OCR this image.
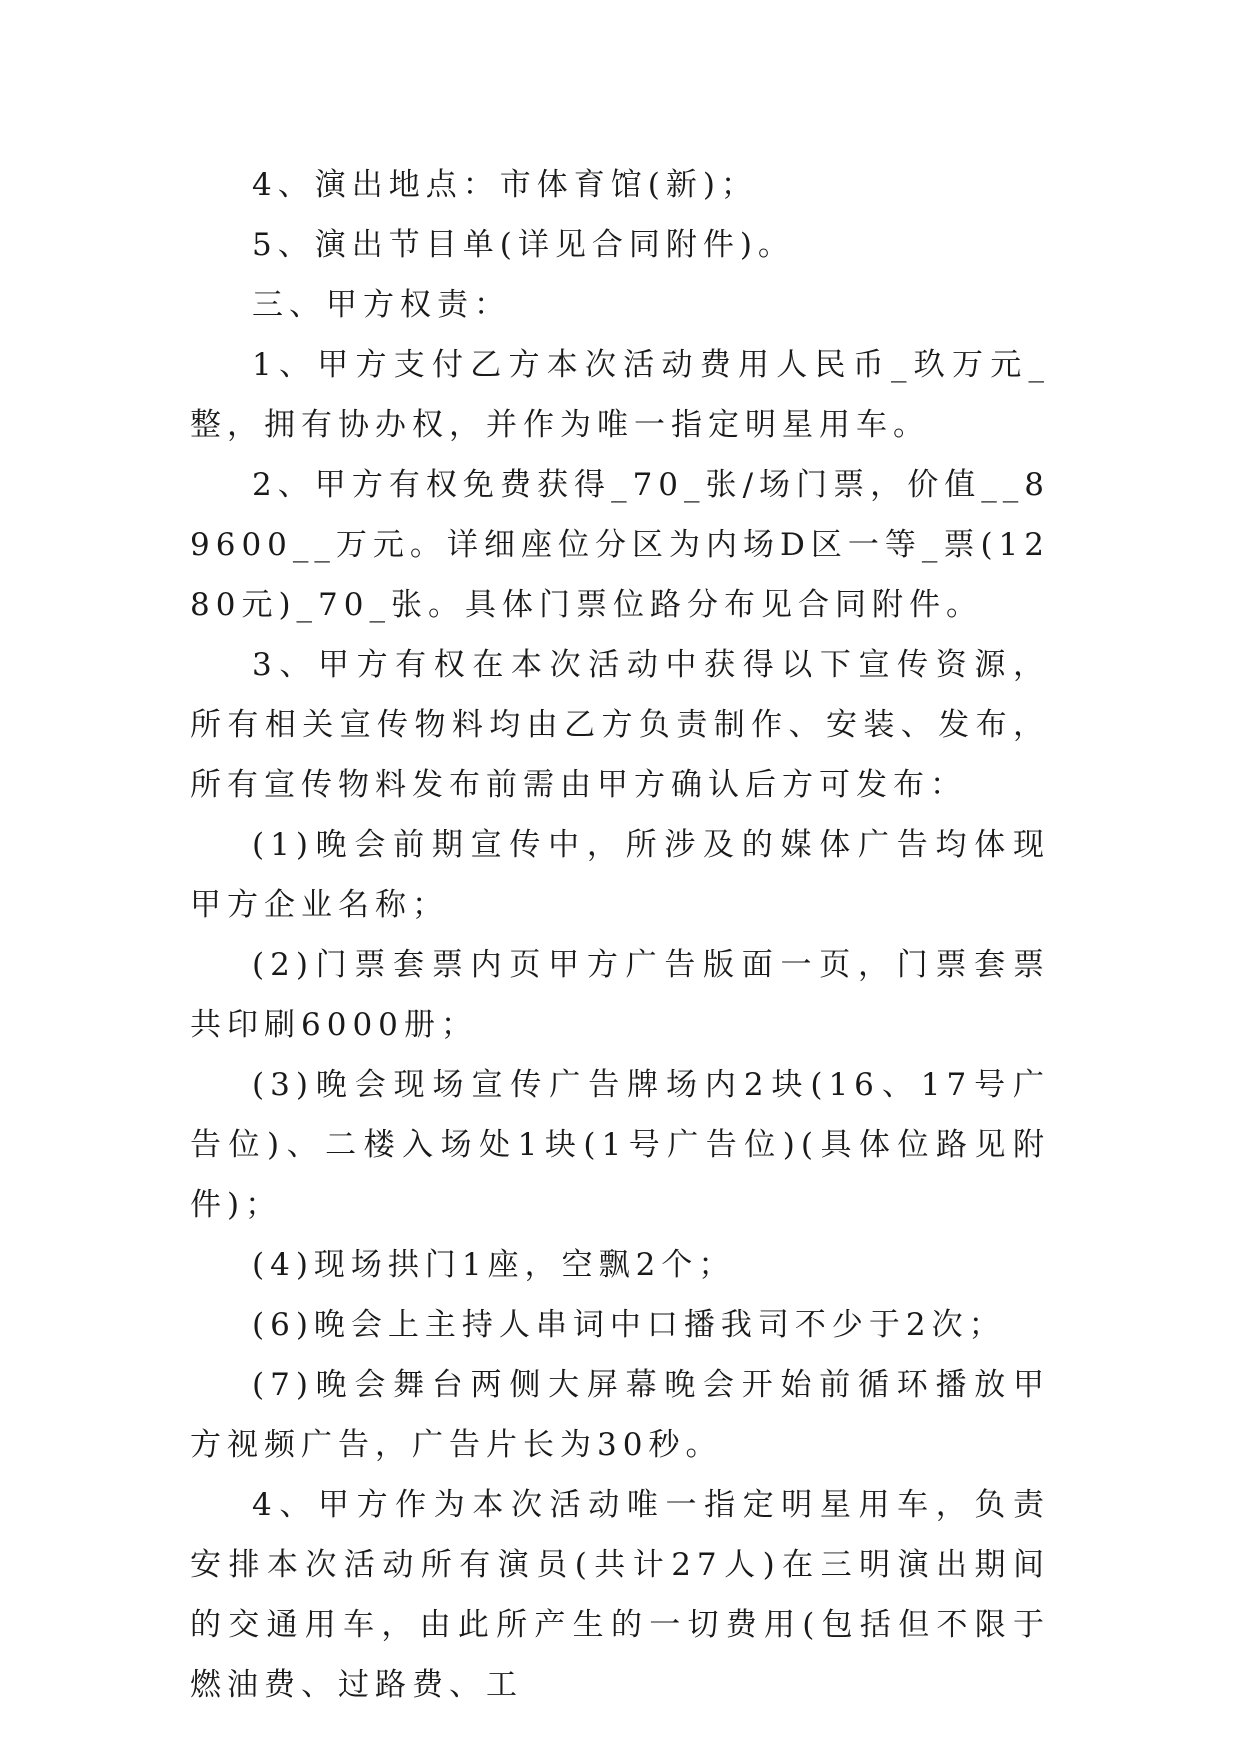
4、演出地点：市体育馆(新)；

5、演出节目单(详见合同附件)。

三、甲方权责：

1、甲方支付乙方本次活动费用人民币_玖万元_整，拥有协办权，并作为唯一指定明星用车。

2、甲方有权免费获得_70_张/场门票，价值__89600__万元。详细座位分区为内场D区一等_票(1280元)_70_张。具体门票位路分布见合同附件。

3、甲方有权在本次活动中获得以下宣传资源，所有相关宣传物料均由乙方负责制作、安装、发布，所有宣传物料发布前需由甲方确认后方可发布：

(1)晚会前期宣传中，所涉及的媒体广告均体现甲方企业名称；

(2)门票套票内页甲方广告版面一页，门票套票共印刷6000册；

(3)晚会现场宣传广告牌场内2块(16、17号广告位)、二楼入场处1块(1号广告位)(具体位路见附件)；

(4)现场拱门1座，空飘2个；

(6)晚会上主持人串词中口播我司不少于2次；

(7)晚会舞台两侧大屏幕晚会开始前循环播放甲方视频广告，广告片长为30秒。

4、甲方作为本次活动唯一指定明星用车，负责安排本次活动所有演员(共计27人)在三明演出期间的交通用车，由此所产生的一切费用(包括但不限于燃油费、过路费、工
